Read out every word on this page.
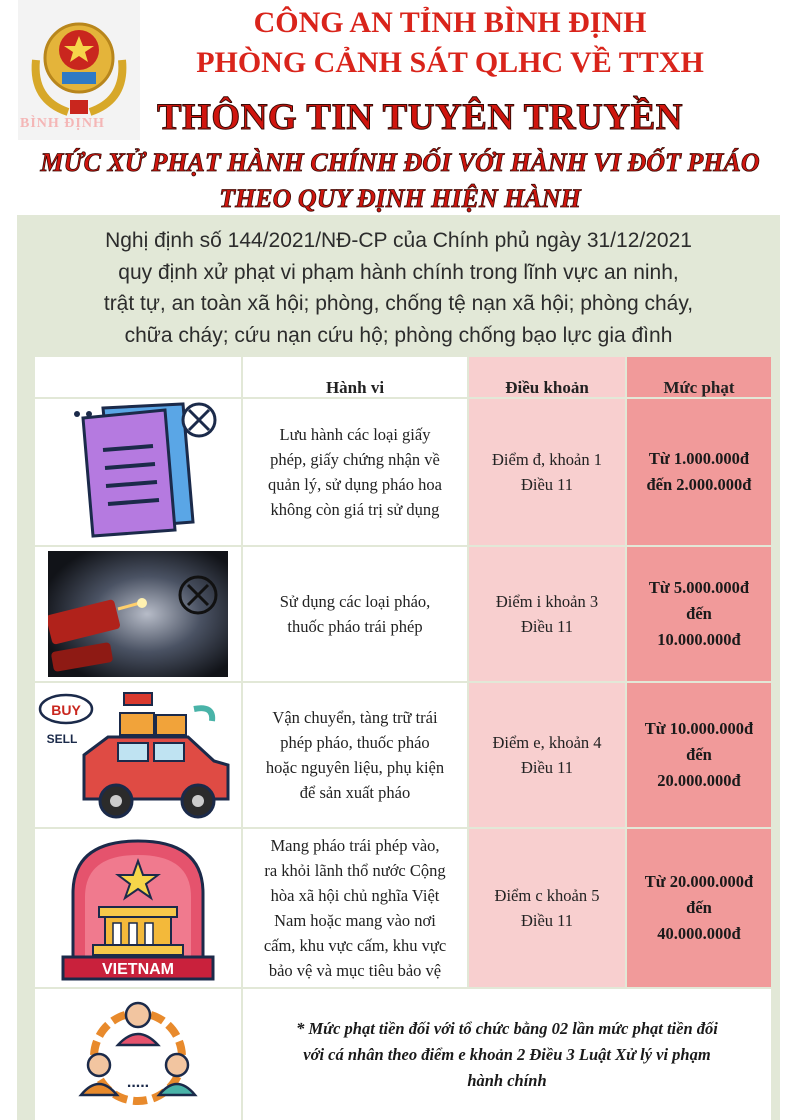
BÌNH ĐỊNH
CÔNG AN TỈNH BÌNH ĐỊNH
PHÒNG CẢNH SÁT QLHC VỀ TTXH
THÔNG TIN TUYÊN TRUYỀN
MỨC XỬ PHẠT HÀNH CHÍNH ĐỐI VỚI HÀNH VI ĐỐT PHÁO
THEO QUY ĐỊNH HIỆN HÀNH
Nghị định số 144/2021/NĐ-CP của Chính phủ ngày 31/12/2021
quy định xử phạt vi phạm hành chính trong lĩnh vực an ninh,
trật tự, an toàn xã hội; phòng, chống tệ nạn xã hội; phòng cháy,
chữa cháy; cứu nạn cứu hộ; phòng chống bạo lực gia đình
Hành vi	Điều khoản	Mức phạt
Lưu hành các loại giấy
phép, giấy chứng nhận về
quản lý, sử dụng pháo hoa
không còn giá trị sử dụng
Điểm đ, khoản 1
Điều 11
Từ 1.000.000đ
đến 2.000.000đ
Sử dụng các loại pháo,
thuốc pháo trái phép
Điểm i khoản 3
Điều 11
Từ 5.000.000đ
đến
10.000.000đ
BUY
SELL
Vận chuyển, tàng trữ trái
phép pháo, thuốc pháo
hoặc nguyên liệu, phụ kiện
để sản xuất pháo
Điểm e, khoản 4
Điều 11
Từ 10.000.000đ
đến
20.000.000đ
VIETNAM
Mang pháo trái phép vào,
ra khỏi lãnh thổ nước Cộng
hòa xã hội chủ nghĩa Việt
Nam hoặc mang vào nơi
cấm, khu vực cấm, khu vực
bảo vệ và mục tiêu bảo vệ
Điểm c khoản 5
Điều 11
Từ 20.000.000đ
đến
40.000.000đ
.....
* Mức phạt tiền đối với tổ chức bằng 02 lần mức phạt tiền đối
với cá nhân theo điểm e khoản 2 Điều 3 Luật Xử lý vi phạm
hành chính
